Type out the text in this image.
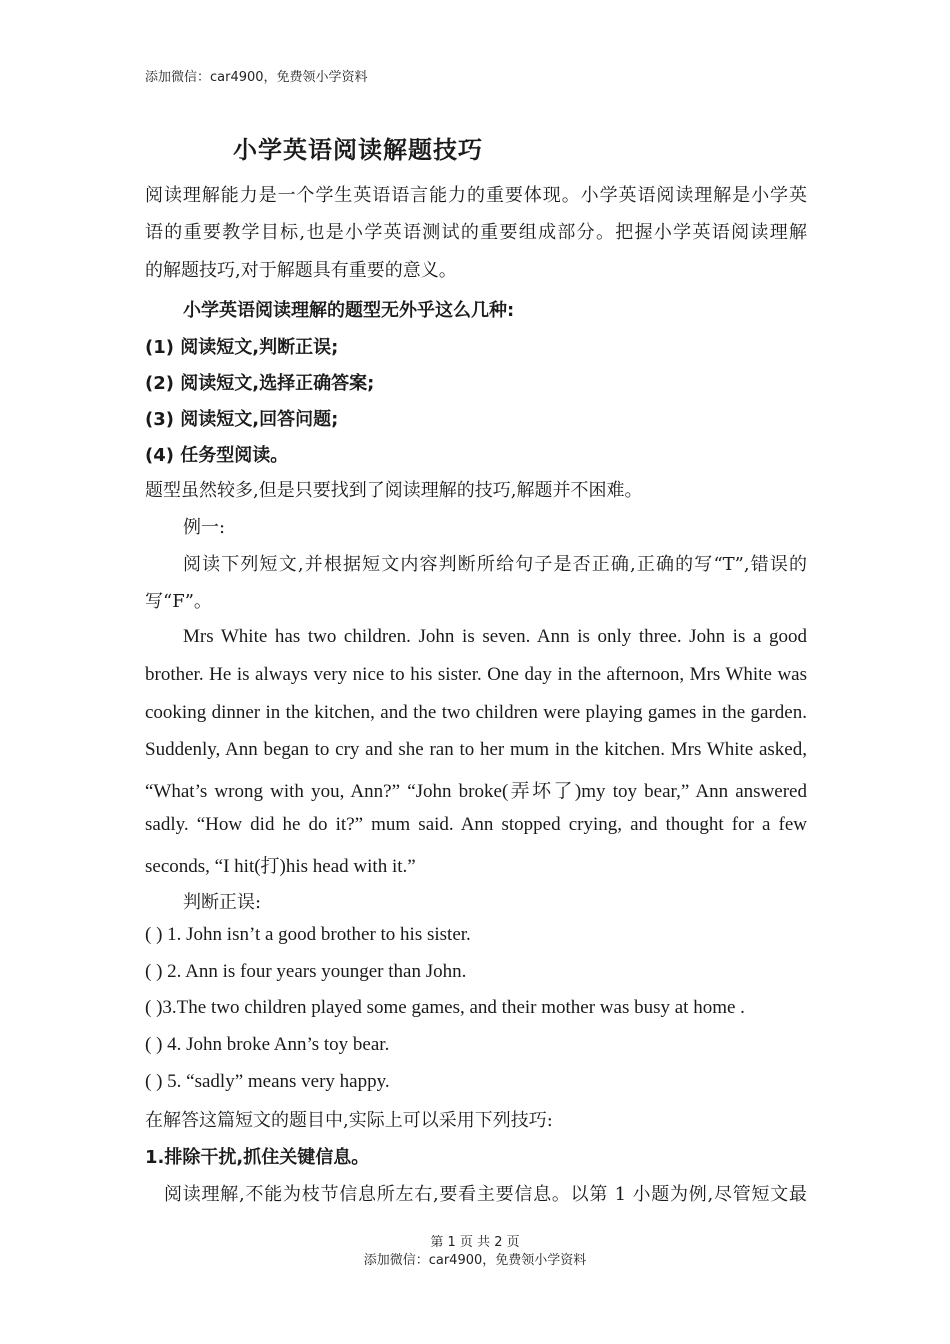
添加微信：car4900，免费领小学资料
小学英语阅读解题技巧
阅读理解能力是一个学生英语语言能力的重要体现。小学英语阅读理解是小学英
语的重要教学目标,也是小学英语测试的重要组成部分。把握小学英语阅读理解
的解题技巧,对于解题具有重要的意义。
小学英语阅读理解的题型无外乎这么几种:
(1) 阅读短文,判断正误;
(2) 阅读短文,选择正确答案;
(3) 阅读短文,回答问题;
(4) 任务型阅读。
题型虽然较多,但是只要找到了阅读理解的技巧,解题并不困难。
例一:
阅读下列短文,并根据短文内容判断所给句子是否正确,正确的写“T”,错误的
写“F”。
Mrs White has two children. John is seven. Ann is only three. John is a good
brother. He is always very nice to his sister. One day in the afternoon, Mrs White was
cooking dinner in the kitchen, and the two children were playing games in the garden.
Suddenly, Ann began to cry and she ran to her mum in the kitchen. Mrs White asked,
“What’s wrong with you, Ann?” “John broke(弄坏了)my toy bear,” Ann answered
sadly. “How did he do it?” mum said. Ann stopped crying, and thought for a few
seconds, “I hit(打)his head with it.”
判断正误:
( ) 1. John isn’t a good brother to his sister.
( ) 2. Ann is four years younger than John.
( )3.The two children played some games, and their mother was busy at home .
( ) 4. John broke Ann’s toy bear.
( ) 5. “sadly” means very happy.
在解答这篇短文的题目中,实际上可以采用下列技巧:
1.排除干扰,抓住关键信息。
阅读理解,不能为枝节信息所左右,要看主要信息。以第 1 小题为例,尽管短文最
第 1 页 共 2 页
添加微信：car4900，免费领小学资料
